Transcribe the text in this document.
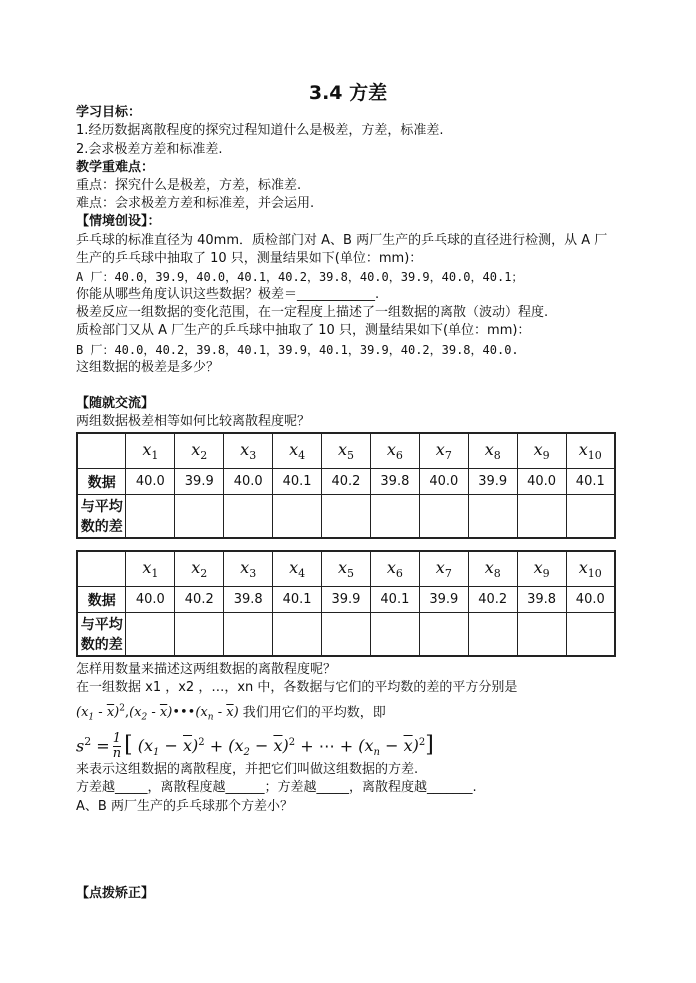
3.4 方差
学习目标：
1.经历数据离散程度的探究过程知道什么是极差，方差，标准差.
2.会求极差方差和标准差.
教学重难点：
重点：探究什么是极差，方差，标准差.
难点：会求极差方差和标准差，并会运用.
【情境创设】：
乒乓球的标准直径为 40mm．质检部门对 A、B 两厂生产的乒乓球的直径进行检测，从 A 厂
生产的乒乓球中抽取了 10 只，测量结果如下(单位：mm)：
A 厂：40.0，39.9，40.0，40.1，40.2，39.8，40.0，39.9，40.0，40.1；
你能从哪些角度认识这些数据？极差＝____________.
极差反应一组数据的变化范围，在一定程度上描述了一组数据的离散（波动）程度.
质检部门又从 A 厂生产的乒乓球中抽取了 10 只，测量结果如下(单位：mm)：
B 厂：40.0，40.2，39.8，40.1，39.9，40.1，39.9，40.2，39.8，40.0.
这组数据的极差是多少？
【随就交流】
两组数据极差相等如何比较离散程度呢？
	$x_1$	$x_2$	$x_3$	$x_4$	$x_5$	$x_6$	$x_7$	$x_8$	$x_9$	$x_{10}$
数据	40.0	39.9	40.0	40.1	40.2	39.8	40.0	39.9	40.0	40.1
与平均
数的差										
	$x_1$	$x_2$	$x_3$	$x_4$	$x_5$	$x_6$	$x_7$	$x_8$	$x_9$	$x_{10}$
数据	40.0	40.2	39.8	40.1	39.9	40.1	39.9	40.2	39.8	40.0
与平均
数的差										
怎样用数量来描述这两组数据的离散程度呢？
在一组数据 x1 ，x2 ，…，xn 中，各数据与它们的平均数的差的平方分别是
$(x_1 - \overline{x})^2,(x_2$ - $\overline{x})•••(x_n - \overline{x})$ 我们用它们的平均数，即
$s^2 = \frac{1}{n}$ [ $(x_1 - \overline{x})^2 + (x_2 - \overline{x})^2$ + ⋯ + $(x_n - \overline{x})^2$]
来表示这组数据的离散程度，并把它们叫做这组数据的方差.
方差越_____，离散程度越______；方差越_____，离散程度越_______.
A、B 两厂生产的乒乓球那个方差小？
【点拨矫正】
